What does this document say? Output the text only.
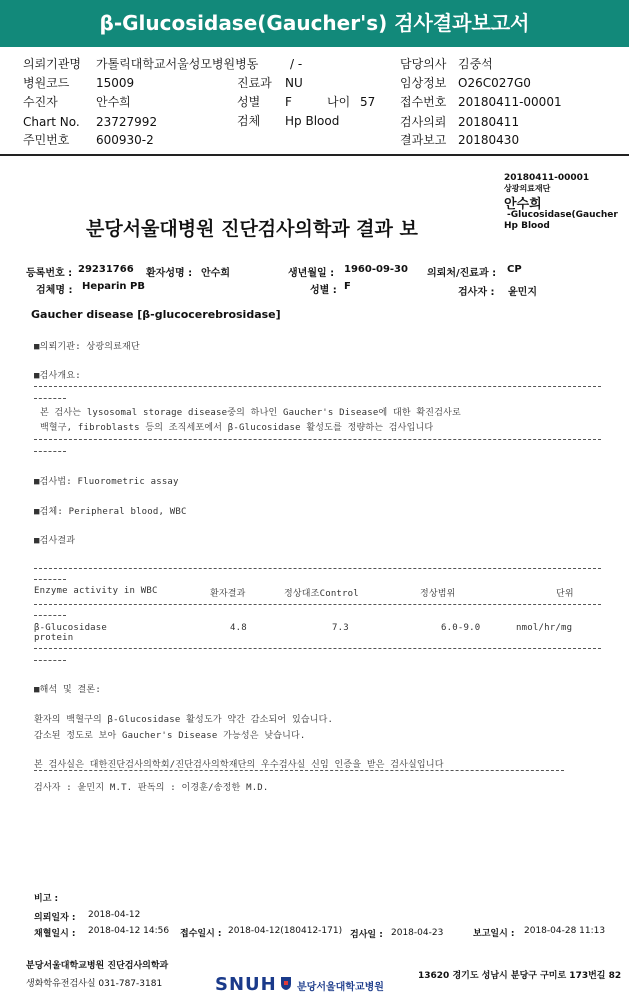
β-Glucosidase(Gaucher's) 검사결과보고서
의뢰기관명 가톨릭대학교서울성모병원병동	/ -	담당의사 김중석
병원코드 15009	진료과 NU	임상정보 O26C027G0
수진자	안수희	성별 F	나이 57 접수번호 20180411-00001
Chart No. 23727992	검체 Hp Blood	검사의뢰 20180411
주민번호 600930-2	결과보고 20180430
20180411-00001
상광의료재단
안수희
-Glucosidase(Gaucher
Hp Blood
분당서울대병원 진단검사의학과 결과 보
등록번호 : 29231766 환자성명 : 안수희	생년월일 : 1960-09-30 의뢰처/진료과 : CP
검체명 : Heparin PB	성별 : F
검사자 : 윤민지
Gaucher disease [β-glucocerebrosidase]
■의뢰기관: 상광의료재단
■검사개요:
본 검사는 lysosomal storage disease중의 하나인 Gaucher's Disease에 대한 확진검사로
백혈구, fibroblasts 등의 조직세포에서 β-Glucosidase 활성도를 정량하는 검사입니다
■검사법: Fluorometric assay
■검체: Peripheral blood, WBC
■검사결과
Enzyme activity in WBC	환자결과	정상대조Control	정상범위	단위
β-Glucosidase
protein
4.8	7.3	6.0-9.0	nmol/hr/mg
■해석 및 결론:
환자의 백혈구의 β-Glucosidase 활성도가 약간 감소되어 있습니다.
감소된 정도로 보아 Gaucher's Disease 가능성은 낮습니다.
본 검사실은 대한진단검사의학회/진단검사의학재단의 우수검사실 신임 인증을 받은 검사실입니다
검사자 : 윤민지 M.T. 판독의 : 이경훈/송정한 M.D.
비고 :
의뢰일자 : 2018-04-12
채혈일시 : 2018-04-12 14:56 접수일시 : 2018-04-12(180412-171) 검사일 : 2018-04-23	보고일시 : 2018-04-28 11:13
분당서울대학교병원 진단검사의학과
생화학유전검사실 031-787-3181	SNUH 분당서울대학교병원
13620 경기도 성남시 분당구 구미로 173번길 82
